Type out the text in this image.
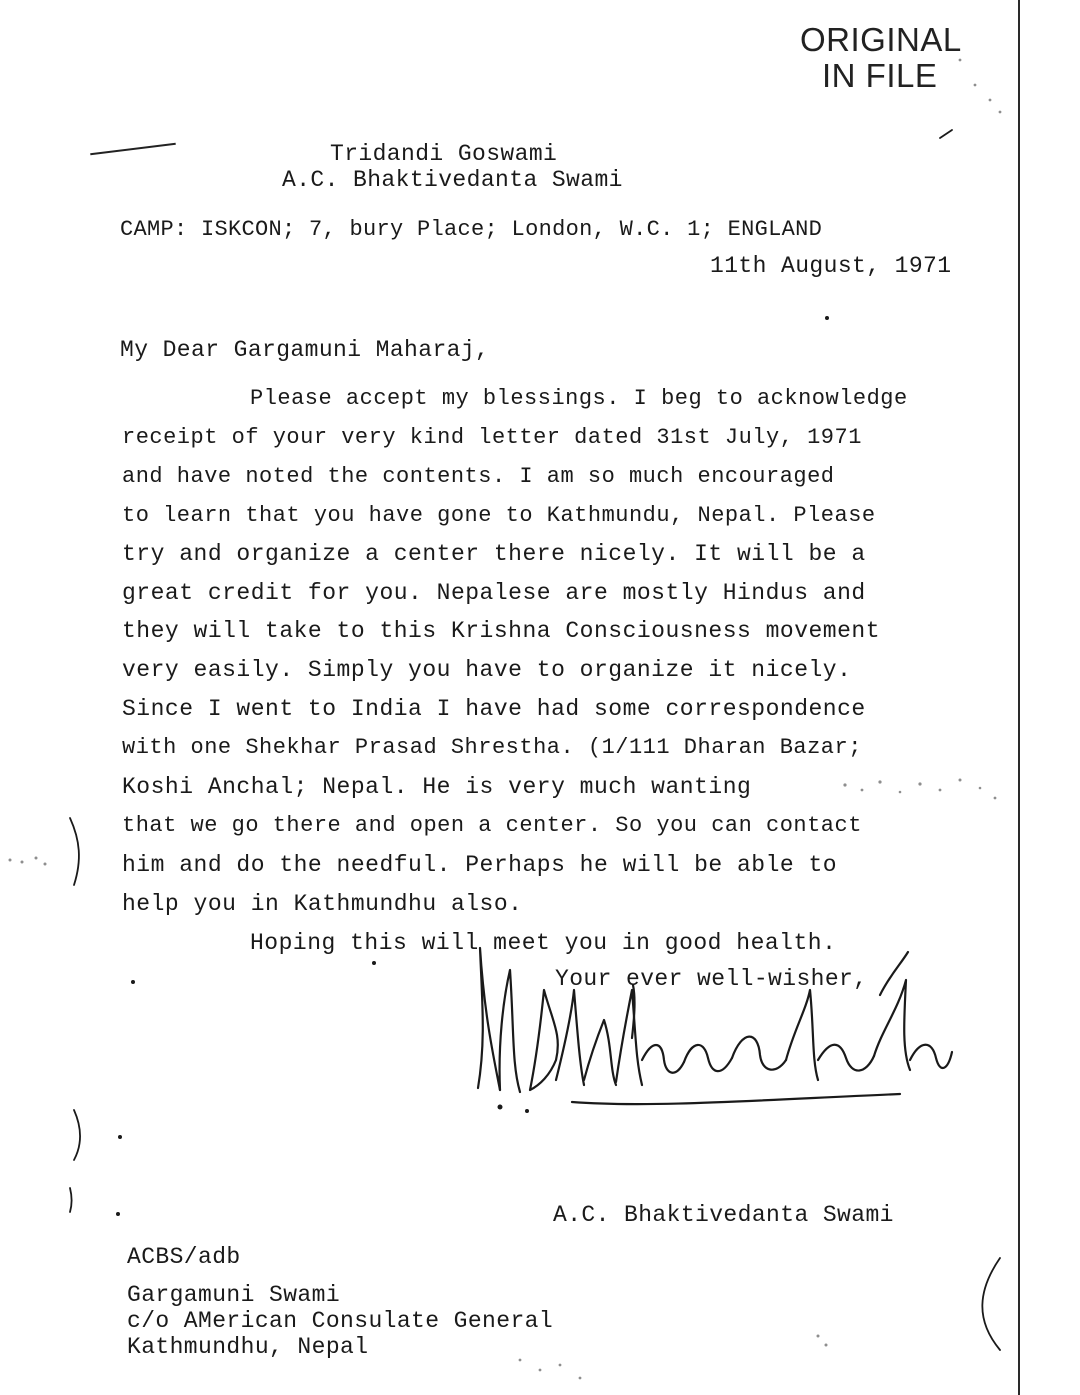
ORIGINAL
IN FILE
Tridandi Goswami
A.C. Bhaktivedanta Swami
CAMP: ISKCON; 7, bury Place; London, W.C. 1; ENGLAND
11th August, 1971
My Dear Gargamuni Maharaj,
Please accept my blessings. I beg to acknowledge
receipt of your very kind letter dated 31st July, 1971
and have noted the contents. I am so much encouraged
to learn that you have gone to Kathmundu, Nepal. Please
try and organize a center there nicely. It will be a
great credit for you. Nepalese are mostly Hindus and
they will take to this Krishna Consciousness movement
very easily. Simply you have to organize it nicely.
Since I went to India I have had some correspondence
with one Shekhar Prasad Shrestha. (1/111 Dharan Bazar;
Koshi Anchal; Nepal. He is very much wanting
that we go there and open a center. So you can contact
him and do the needful. Perhaps he will be able to
help you in Kathmundhu also.
Hoping this will meet you in good health.
Your ever well-wisher,
A.C. Bhaktivedanta Swami
ACBS/adb
Gargamuni Swami
c/o AMerican Consulate General
Kathmundhu, Nepal
